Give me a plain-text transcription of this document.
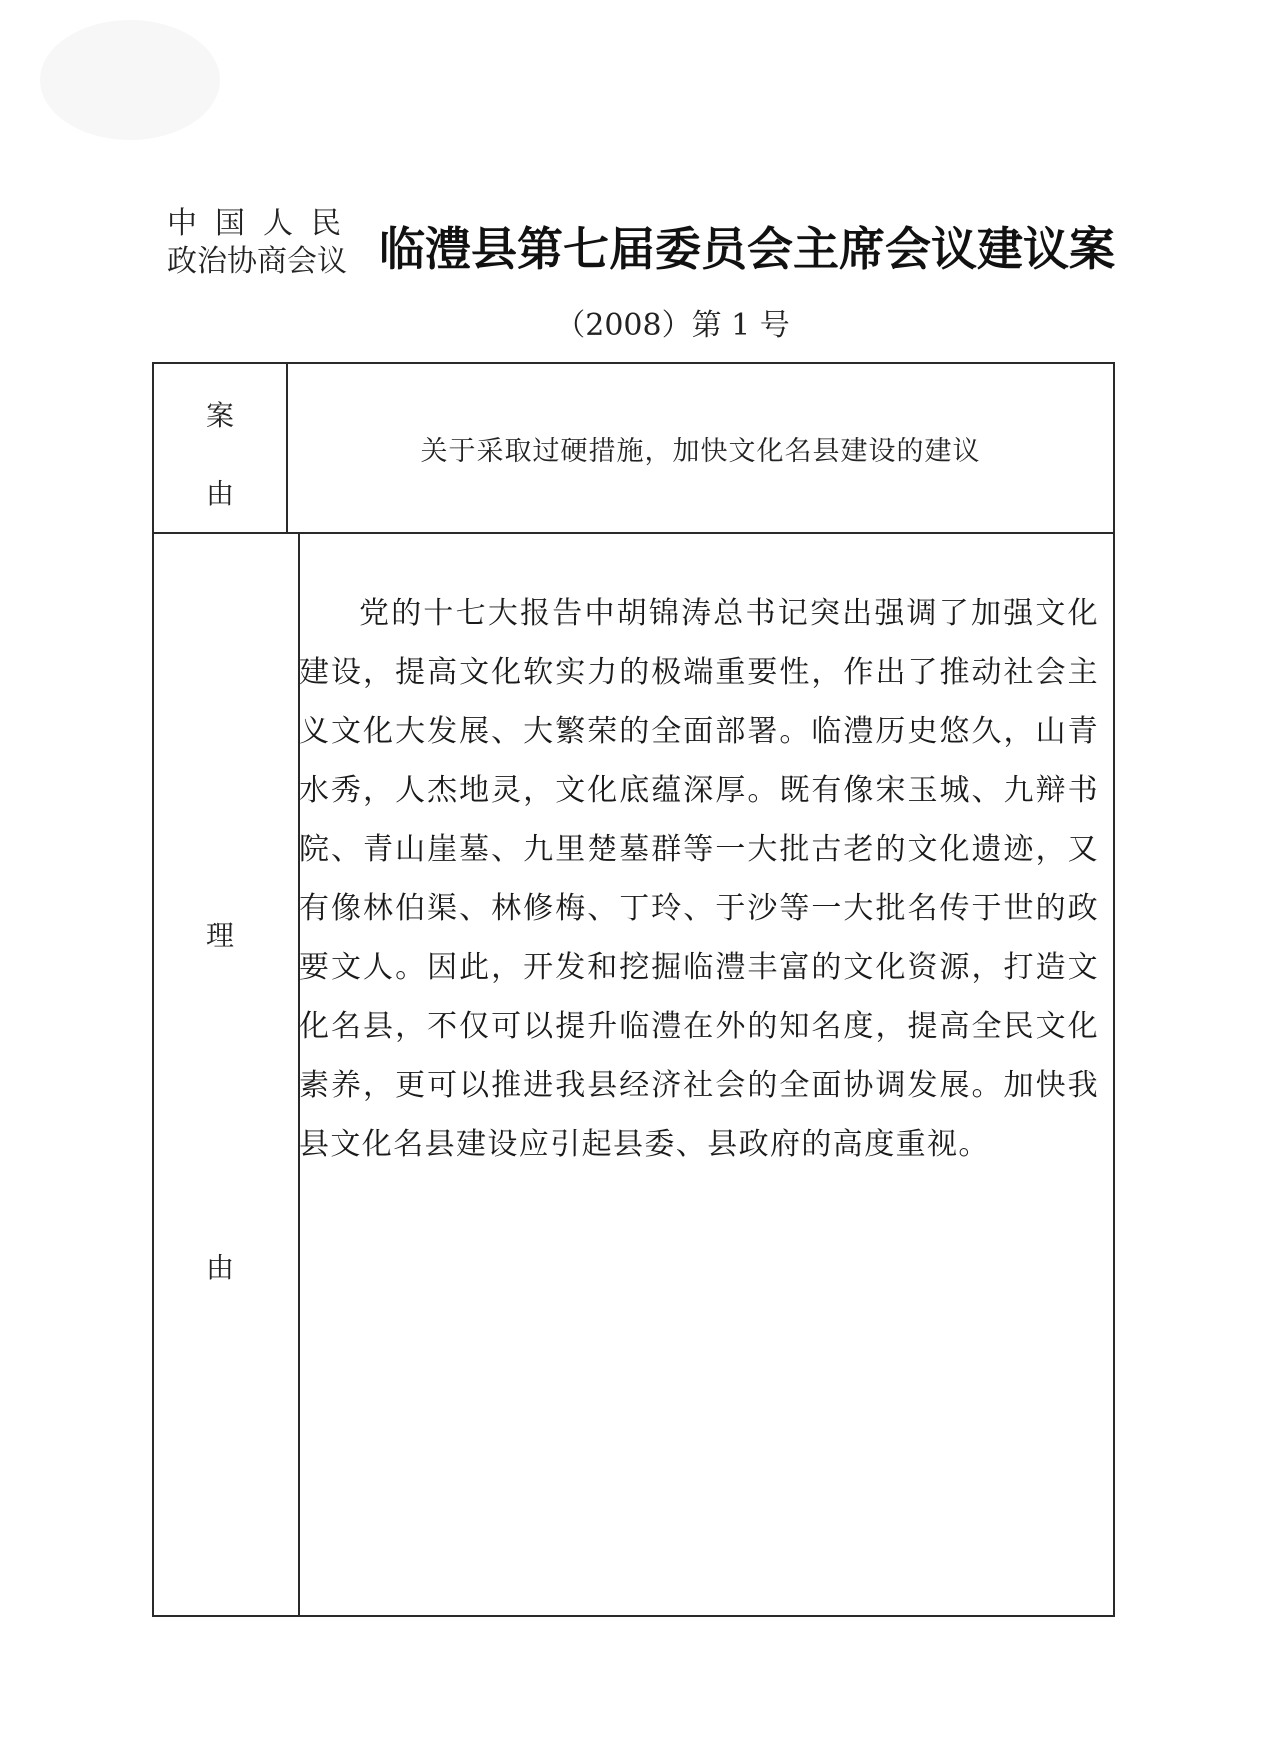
中国人民
政治协商会议 临澧县第七届委员会主席会议建议案
（2008）第 1 号
案
由
关于采取过硬措施，加快文化名县建设的建议
理
由
党的十七大报告中胡锦涛总书记突出强调了加强文化建设，提高文化软实力的极端重要性，作出了推动社会主义文化大发展、大繁荣的全面部署。临澧历史悠久，山青水秀，人杰地灵，文化底蕴深厚。既有像宋玉城、九辩书院、青山崖墓、九里楚墓群等一大批古老的文化遗迹，又有像林伯渠、林修梅、丁玲、于沙等一大批名传于世的政要文人。因此，开发和挖掘临澧丰富的文化资源，打造文化名县，不仅可以提升临澧在外的知名度，提高全民文化素养，更可以推进我县经济社会的全面协调发展。加快我县文化名县建设应引起县委、县政府的高度重视。
